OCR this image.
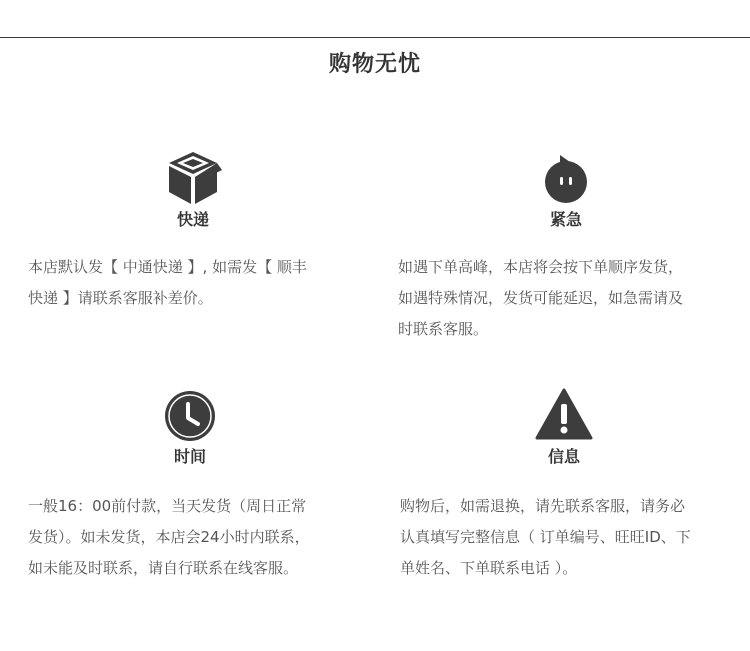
购物无忧
快递
本店默认发【 中通快递 】, 如需发【 顺丰
快递 】请联系客服补差价。
紧急
如遇下单高峰，本店将会按下单顺序发货，
如遇特殊情况，发货可能延迟，如急需请及
时联系客服。
时间
一般16：00前付款，当天发货（周日正常
发货）。如未发货，本店会24小时内联系，
如未能及时联系，请自行联系在线客服。
信息
购物后，如需退换，请先联系客服，请务必
认真填写完整信息（ 订单编号、旺旺ID、下
单姓名、下单联系电话 ）。
